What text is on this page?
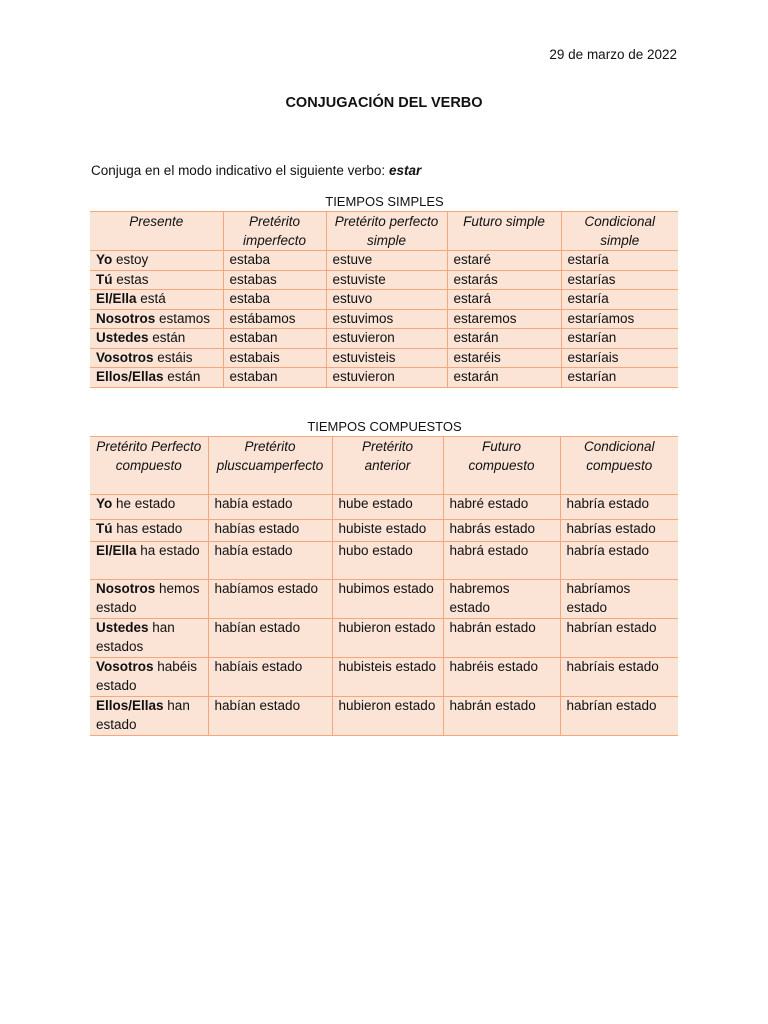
29 de marzo de 2022
CONJUGACIÓN DEL VERBO
Conjuga en el modo indicativo el siguiente verbo: estar
TIEMPOS SIMPLES
Presente	Pretérito imperfecto	Pretérito perfecto simple	Futuro simple	Condicional simple
Yo estoy	estaba	estuve	estaré	estaría
Tú estas	estabas	estuviste	estarás	estarías
El/Ella está	estaba	estuvo	estará	estaría
Nosotros estamos	estábamos	estuvimos	estaremos	estaríamos
Ustedes están	estaban	estuvieron	estarán	estarían
Vosotros estáis	estabais	estuvisteis	estaréis	estaríais
Ellos/Ellas están	estaban	estuvieron	estarán	estarían
TIEMPOS COMPUESTOS
Pretérito Perfecto compuesto	Pretérito pluscuamperfecto	Pretérito anterior	Futuro compuesto	Condicional compuesto
Yo he estado	había estado	hube estado	habré estado	habría estado
Tú has estado	habías estado	hubiste estado	habrás estado	habrías estado
El/Ella ha estado	había estado	hubo estado	habrá estado	habría estado
Nosotros hemos estado	habíamos estado	hubimos estado	habremos estado	habríamos estado
Ustedes han estados	habían estado	hubieron estado	habrán estado	habrían estado
Vosotros habéis estado	habíais estado	hubisteis estado	habréis estado	habríais estado
Ellos/Ellas han estado	habían estado	hubieron estado	habrán estado	habrían estado
